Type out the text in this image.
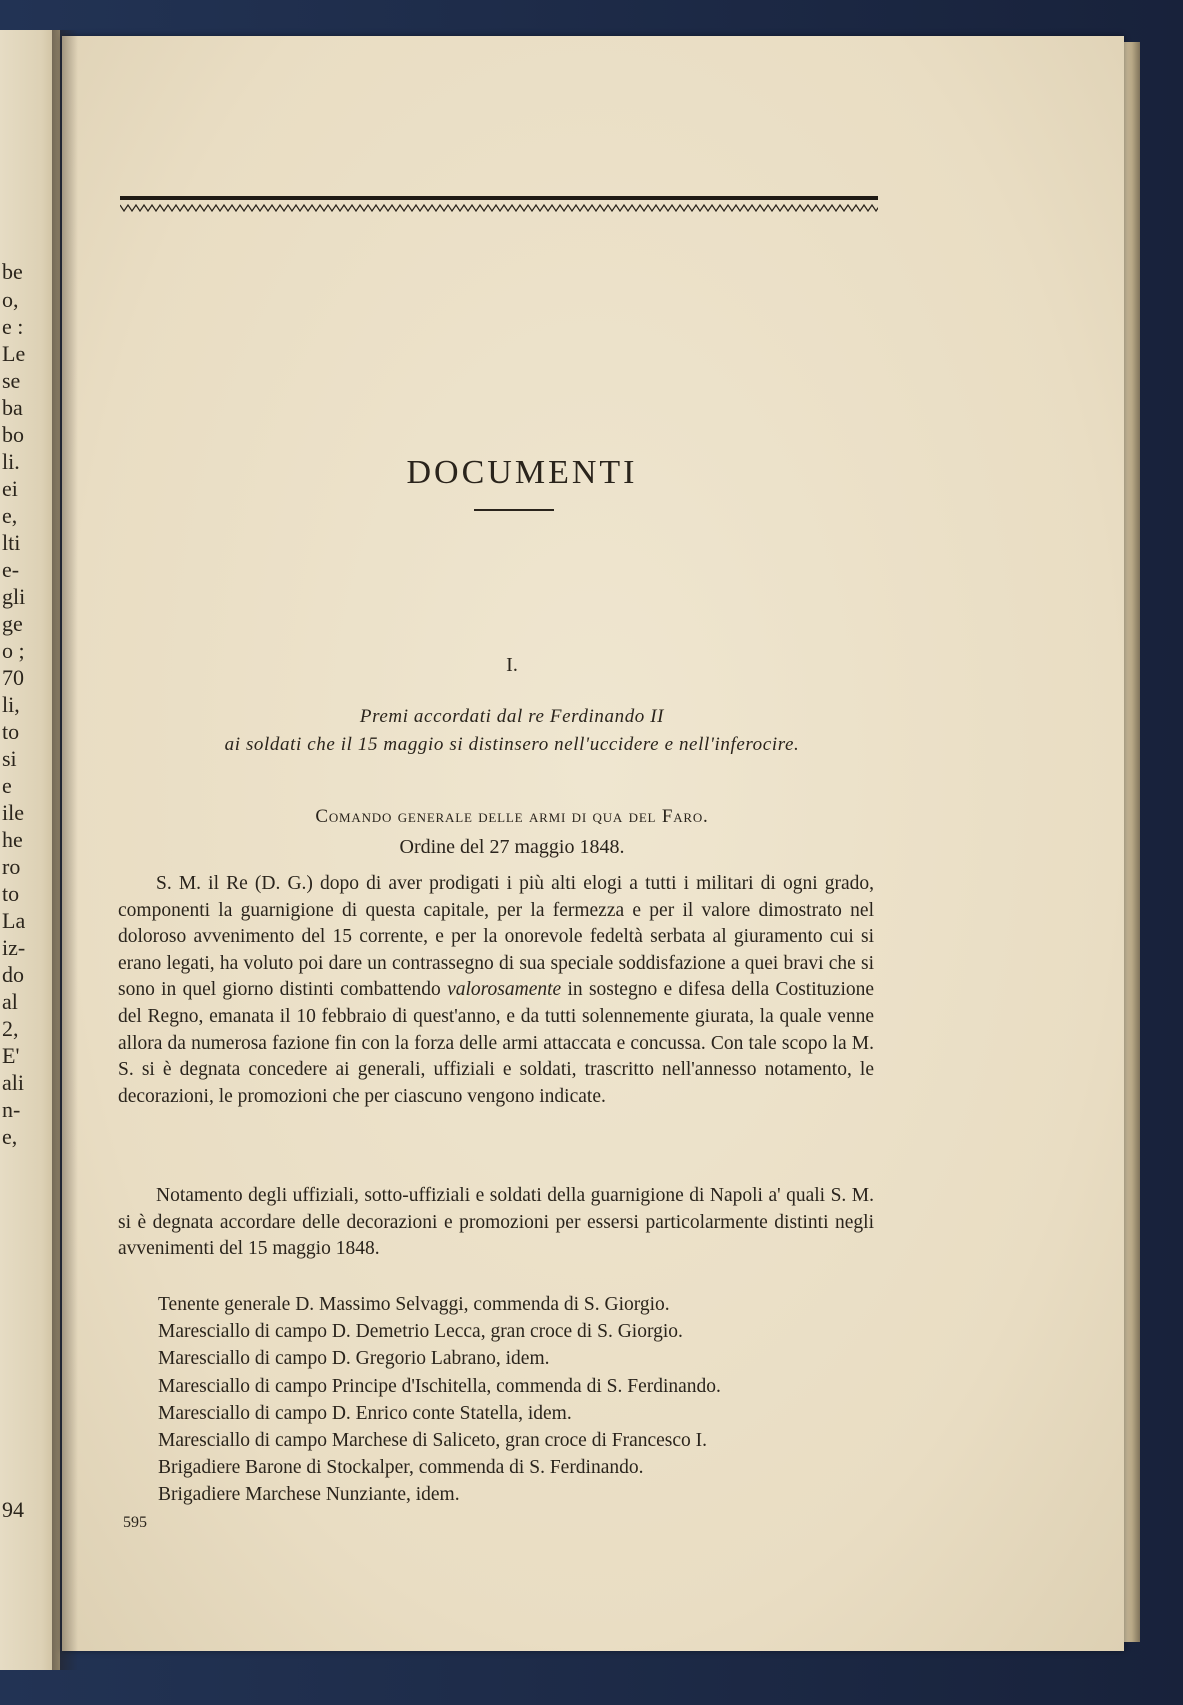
be
o,
e :
Le
se
ba
bo
li.
ei
e,
lti
e-
gli
ge
o ;
70
li,
to
si
e
ile
he
ro
to
La
iz-
do
al
2,
E'
ali
n-
e,
94
DOCUMENTI
I.
Premi accordati dal re Ferdinando II
ai soldati che il 15 maggio si distinsero nell'uccidere e nell'inferocire.
Comando generale delle armi di qua del Faro.
Ordine del 27 maggio 1848.

S. M. il Re (D. G.) dopo di aver prodigati i più alti elogi a tutti i militari di ogni grado, componenti la guarnigione di questa capitale, per la fermezza e per il valore dimostrato nel doloroso avvenimento del 15 corrente, e per la onorevole fedeltà serbata al giuramento cui si erano legati, ha voluto poi dare un contrassegno di sua speciale soddisfazione a quei bravi che si sono in quel giorno distinti combattendo valorosamente in sostegno e difesa della Costituzione del Regno, emanata il 10 febbraio di quest'anno, e da tutti solennemente giurata, la quale venne allora da numerosa fazione fin con la forza delle armi attaccata e concussa. Con tale scopo la M. S. si è degnata concedere ai generali, uffiziali e soldati, trascritto nell'annesso notamento, le decorazioni, le promozioni che per ciascuno vengono indicate.

Notamento degli uffiziali, sotto-uffiziali e soldati della guarnigione di Napoli a' quali S. M. si è degnata accordare delle decorazioni e promozioni per essersi particolarmente distinti negli avvenimenti del 15 maggio 1848.

Tenente generale D. Massimo Selvaggi, commenda di S. Giorgio.
Maresciallo di campo D. Demetrio Lecca, gran croce di S. Giorgio.
Maresciallo di campo D. Gregorio Labrano, idem.
Maresciallo di campo Principe d'Ischitella, commenda di S. Ferdinando.
Maresciallo di campo D. Enrico conte Statella, idem.
Maresciallo di campo Marchese di Saliceto, gran croce di Francesco I.
Brigadiere Barone di Stockalper, commenda di S. Ferdinando.
Brigadiere Marchese Nunziante, idem.
595
